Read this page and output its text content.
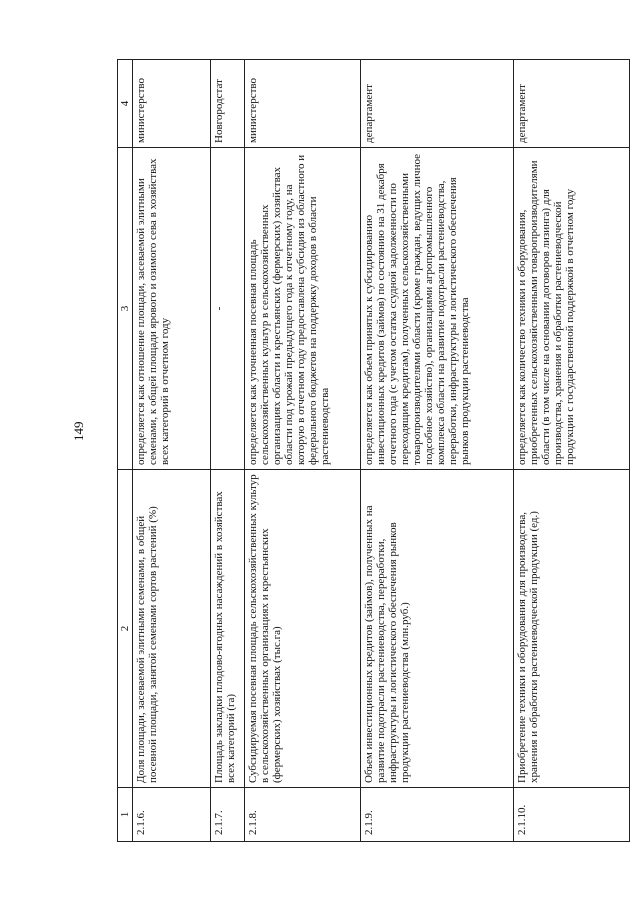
149
1	2	3	4
2.1.6.	Доля площади, засеваемой элитными семенами, в общей посевной площади, занятой семенами сортов растений (%)	определяется как отношение площади, засеваемой элитными семенами, к общей площади ярового и озимого сева в хозяйствах всех категорий в отчетном году	министерство
2.1.7.	Площадь закладки плодово-ягодных насаждений в хозяйствах всех категорий (га)	-	Новгородстат
2.1.8.	Субсидируемая посевная площадь сельскохозяйственных культур в сельскохозяйственных организациях и крестьянских (фермерских) хозяйствах (тыс.га)	определяется как уточненная посевная площадь сельскохозяйственных культур в сельскохозяйственных организациях области и крестьянских (фермерских) хозяйствах области под урожай предыдущего года к отчетному году, на которую в отчетном году предоставлена субсидия из областного и федерального бюджетов на поддержку доходов в области растениеводства	министерство
2.1.9.	Объем инвестиционных кредитов (займов), полученных на развитие подотрасли растениеводства, переработки, инфраструктуры и логистического обеспечения рынков продукции растениеводства (млн.руб.)	определяется как объем принятых к субсидированию инвестиционных кредитов (займов) по состоянию на 31 декабря отчетного года (с учетом остатка ссудной задолженности по переходящим кредитам), полученных сельскохозяйственными товаропроизводителями области (кроме граждан, ведущих личное подсобное хозяйство), организациями агропромышленного комплекса области на развитие подотрасли растениеводства, переработки, инфраструктуры и логистического обеспечения рынков продукции растениеводства	департамент
2.1.10.	Приобретение техники и оборудования для производства, хранения и обработки растениеводческой продукции (ед.)	определяется как количество техники и оборудования, приобретенных сельскохозяйственными товаропроизводителями области (в том числе на основании договоров лизинга) для производства, хранения и обработки растениеводческой продукции с государственной поддержкой в отчетном году	департамент
